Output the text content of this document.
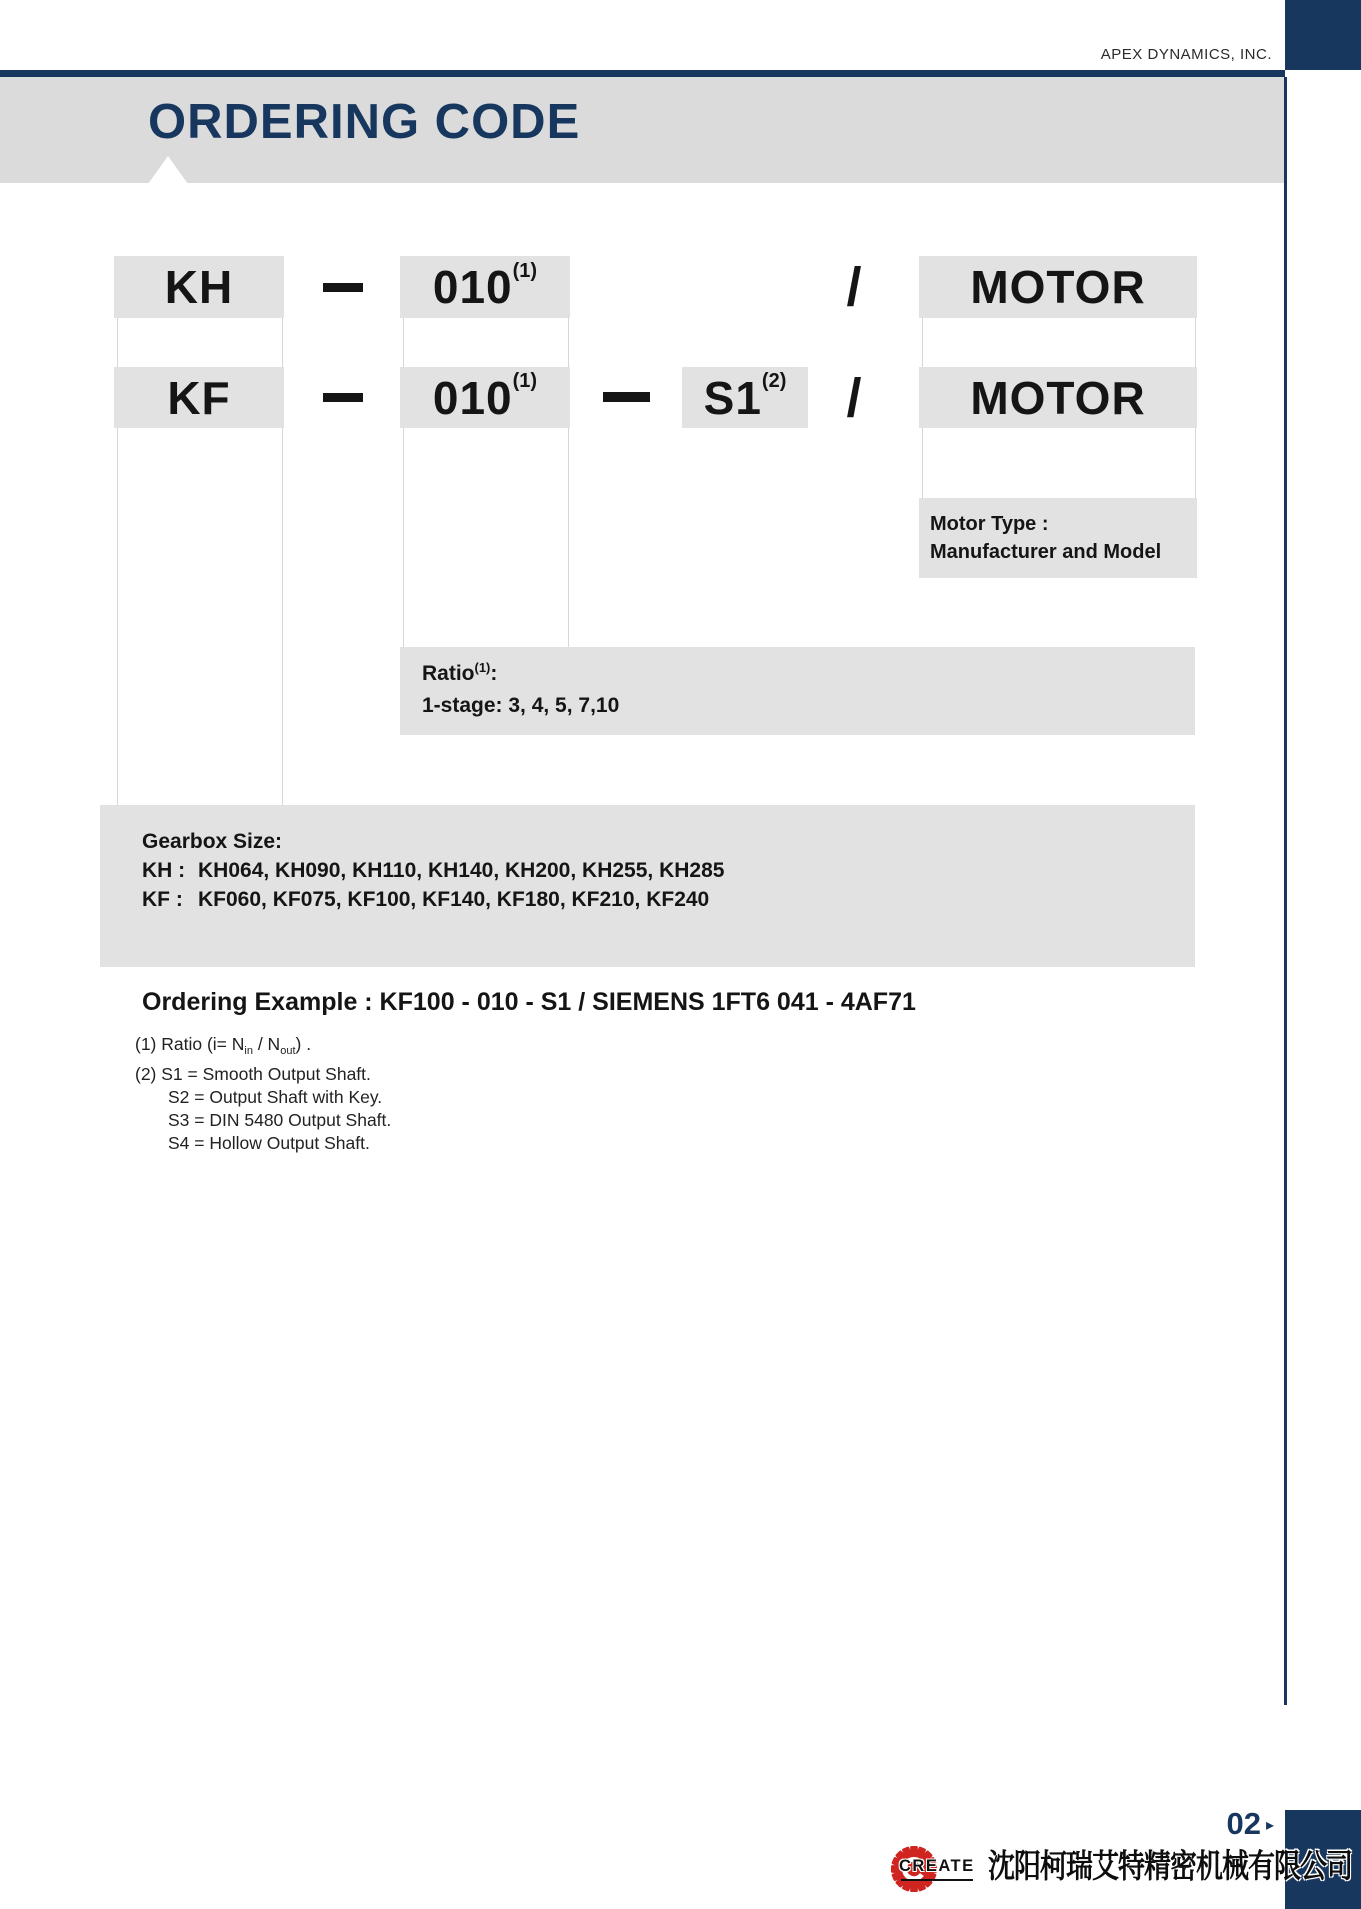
APEX DYNAMICS, INC.
ORDERING CODE
KH	010 (1)	/ MOTOR
KF	010 (1)	S1 (2) / MOTOR
Motor Type :
Manufacturer and Model
Ratio$^{(1)}$:
1-stage: 3, 4, 5, 7,10
Gearbox Size:
KH : KH064, KH090, KH110, KH140, KH200, KH255, KH285
KF : KF060, KF075, KF100, KF140, KF180, KF210, KF240
Ordering Example : KF100 - 010 - S1 / SIEMENS 1FT6 041 - 4AF71
(1) Ratio $(i= N_{in} / N_{out})$ .
(2) S1 = Smooth Output Shaft.
S2 = Output Shaft with Key.
S3 = DIN 5480 Output Shaft.
S4 = Hollow Output Shaft.
02 ▸
CREATE 沈阳柯瑞艾特精密机械有限公司
